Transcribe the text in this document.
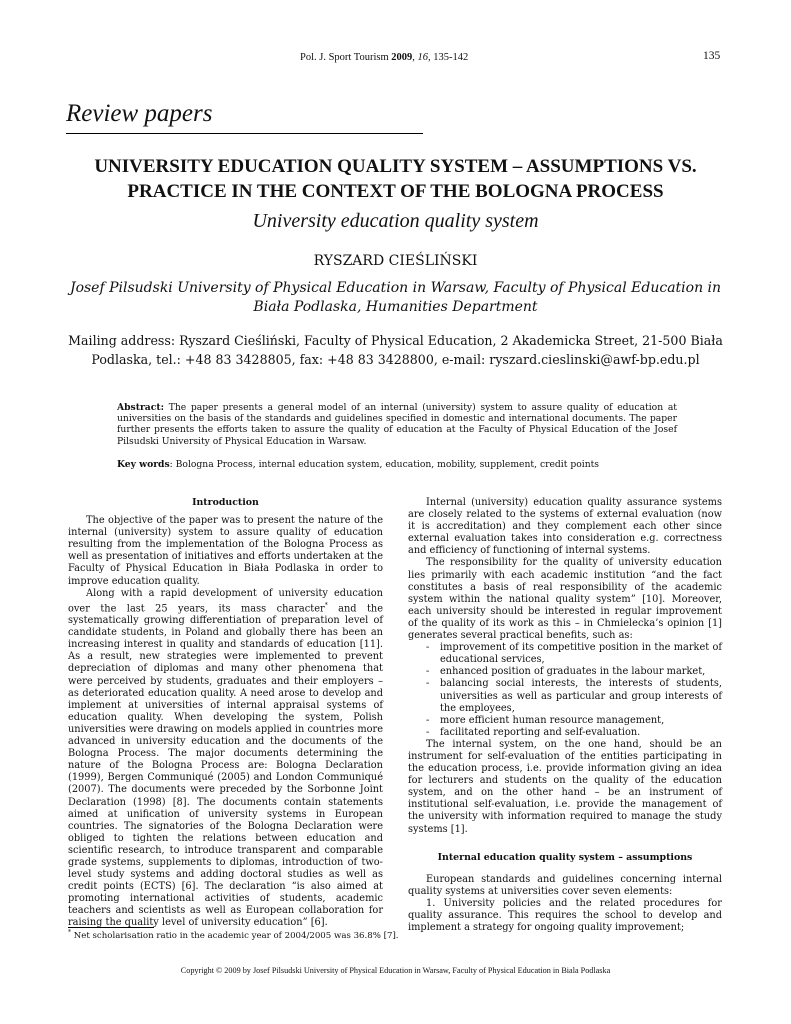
Pol. J. Sport Tourism 2009, 16, 135-142	135
Review papers
UNIVERSITY EDUCATION QUALITY SYSTEM – ASSUMPTIONS VS. PRACTICE IN THE CONTEXT OF THE BOLOGNA PROCESS
University education quality system
RYSZARD CIEŚLIŃSKI
Josef Pilsudski University of Physical Education in Warsaw, Faculty of Physical Education in Biała Podlaska, Humanities Department
Mailing address: Ryszard Cieśliński, Faculty of Physical Education, 2 Akademicka Street, 21-500 Biała Podlaska, tel.: +48 83 3428805, fax: +48 83 3428800, e-mail: ryszard.cieslinski@awf-bp.edu.pl
Abstract: The paper presents a general model of an internal (university) system to assure quality of education at universities on the basis of the standards and guidelines specified in domestic and international documents. The paper further presents the efforts taken to assure the quality of education at the Faculty of Physical Education of the Josef Pilsudski University of Physical Education in Warsaw.
Key words: Bologna Process, internal education system, education, mobility, supplement, credit points

Introduction

The objective of the paper was to present the nature of the internal (university) system to assure quality of education resulting from the implementation of the Bologna Process as well as presentation of initiatives and efforts undertaken at the Faculty of Physical Education in Biała Podlaska in order to improve education quality.

Along with a rapid development of university education over the last 25 years, its mass character* and the systematically growing differentiation of preparation level of candidate students, in Poland and globally there has been an increasing interest in quality and standards of education [11]. As a result, new strategies were implemented to prevent depreciation of diplomas and many other phenomena that were perceived by students, graduates and their employers – as deteriorated education quality. A need arose to develop and implement at universities of internal appraisal systems of education quality. When developing the system, Polish universities were drawing on models applied in countries more advanced in university education and the documents of the Bologna Process. The major documents determining the nature of the Bologna Process are: Bologna Declaration (1999), Bergen Communiqué (2005) and London Communiqué (2007). The documents were preceded by the Sorbonne Joint Declaration (1998) [8]. The documents contain statements aimed at unification of university systems in European countries. The signatories of the Bologna Declaration were obliged to tighten the relations between education and scientific research, to introduce transparent and comparable grade systems, supplements to diplomas, introduction of two-level study systems and adding doctoral studies as well as credit points (ECTS) [6]. The declaration “is also aimed at promoting international activities of students, academic teachers and scientists as well as European collaboration for raising the quality level of university education” [6].

* Net scholarisation ratio in the academic year of 2004/2005 was 36.8% [7].

Internal (university) education quality assurance systems are closely related to the systems of external evaluation (now it is accreditation) and they complement each other since external evaluation takes into consideration e.g. correctness and efficiency of functioning of internal systems.

The responsibility for the quality of university education lies primarily with each academic institution “and the fact constitutes a basis of real responsibility of the academic system within the national quality system” [10]. Moreover, each university should be interested in regular improvement of the quality of its work as this – in Chmielecka’s opinion [1] generates several practical benefits, such as:

- improvement of its competitive position in the market of educational services,
- enhanced position of graduates in the labour market,
- balancing social interests, the interests of students, universities as well as particular and group interests of the employees,
- more efficient human resource management,
- facilitated reporting and self-evaluation.

The internal system, on the one hand, should be an instrument for self-evaluation of the entities participating in the education process, i.e. provide information giving an idea for lecturers and students on the quality of the education system, and on the other hand – be an instrument of institutional self-evaluation, i.e. provide the management of the university with information required to manage the study systems [1].

Internal education quality system – assumptions

European standards and guidelines concerning internal quality systems at universities cover seven elements:

1. University policies and the related procedures for quality assurance. This requires the school to develop and implement a strategy for ongoing quality improvement;

Copyright © 2009 by Josef Pilsudski University of Physical Education in Warsaw, Faculty of Physical Education in Biala Podlaska
